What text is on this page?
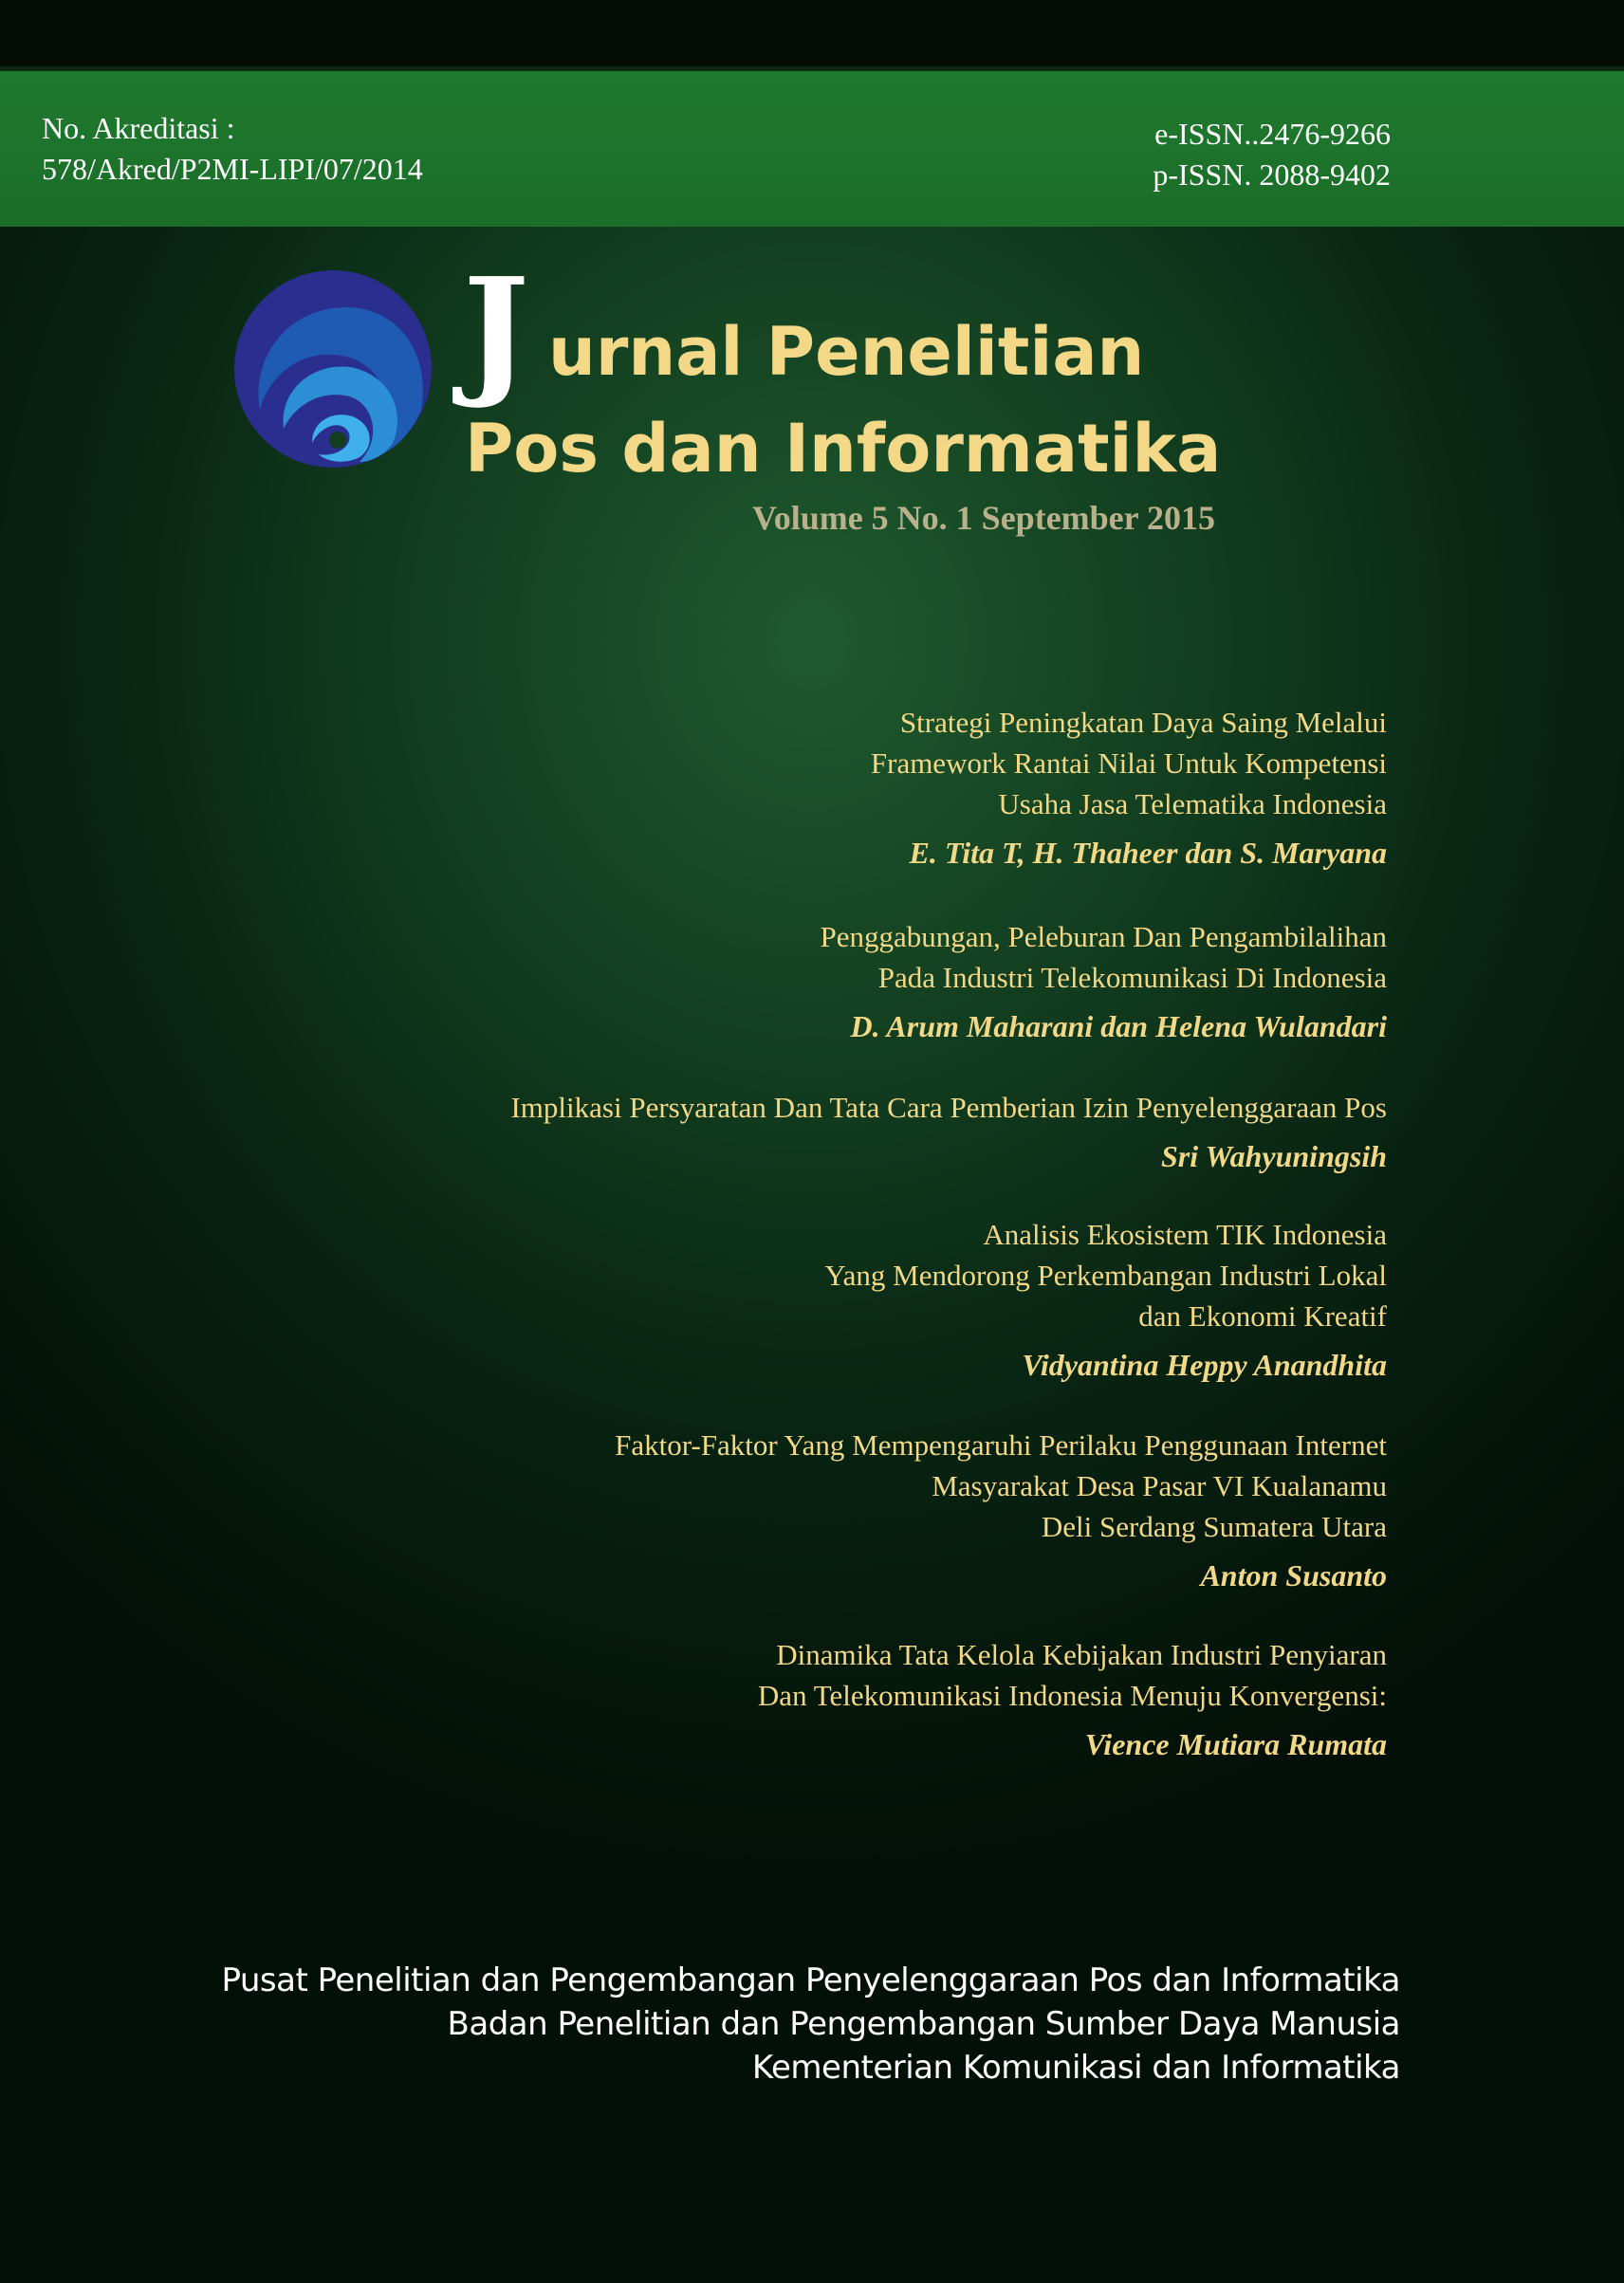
No. Akreditasi :

578/Akred/P2MI-LIPI/07/2014

e-ISSN..2476-9266

p-ISSN. 2088-9402

J urnal Penelitian

Pos dan Informatika

Volume 5 No. 1 September 2015

Strategi Peningkatan Daya Saing Melalui

Framework Rantai Nilai Untuk Kompetensi

Usaha Jasa Telematika Indonesia

E. Tita T, H. Thaheer dan S. Maryana

Penggabungan, Peleburan Dan Pengambilalihan

Pada Industri Telekomunikasi Di Indonesia

D. Arum Maharani dan Helena Wulandari

Implikasi Persyaratan Dan Tata Cara Pemberian Izin Penyelenggaraan Pos

Sri Wahyuningsih

Analisis Ekosistem TIK Indonesia

Yang Mendorong Perkembangan Industri Lokal

dan Ekonomi Kreatif

Vidyantina Heppy Anandhita

Faktor-Faktor Yang Mempengaruhi Perilaku Penggunaan Internet

Masyarakat Desa Pasar VI Kualanamu

Deli Serdang Sumatera Utara

Anton Susanto

Dinamika Tata Kelola Kebijakan Industri Penyiaran

Dan Telekomunikasi Indonesia Menuju Konvergensi:

Vience Mutiara Rumata

Pusat Penelitian dan Pengembangan Penyelenggaraan Pos dan Informatika

Badan Penelitian dan Pengembangan Sumber Daya Manusia

Kementerian Komunikasi dan Informatika
